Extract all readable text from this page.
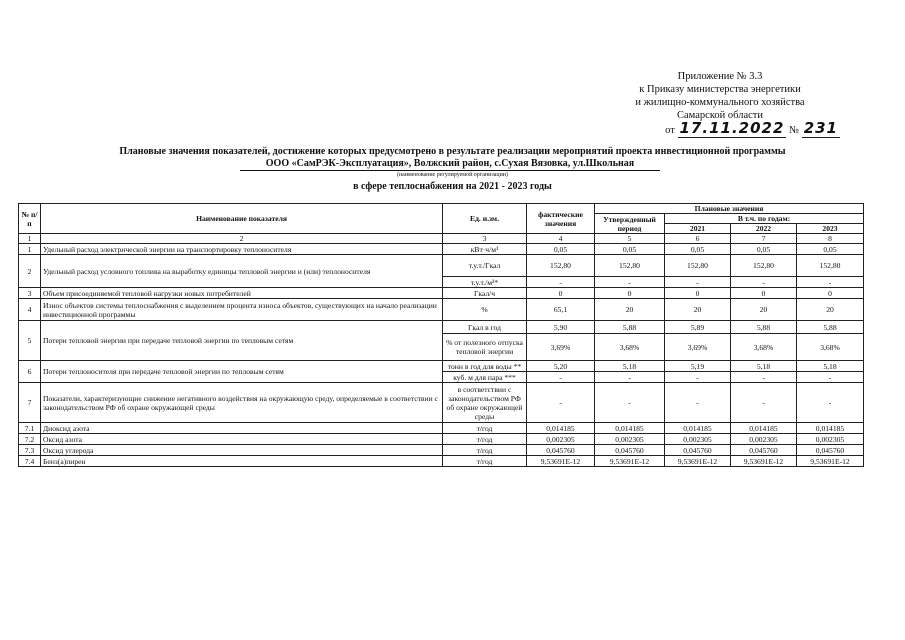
Приложение № 3.3
к Приказу министерства энергетики
и жилищно-коммунального хозяйства
Самарской области
от 17.11.2022 № 231
Плановые значения показателей, достижение которых предусмотрено в результате реализации мероприятий проекта инвестиционной программы
ООО «СамРЭК-Эксплуатация», Волжский район, с.Сухая Вязовка, ул.Школьная
(наименование регулируемой организации)
в сфере теплоснабжения на 2021 - 2023 годы
№ п/п	Наименование показателя	Ед. и.зм.	фактические значения	Плановые значения			
				Утвержденный период	В т.ч. по годам:		
					2021	2022	2023
1	2	3	4	5	6	7	8
1	Удельный расход электрической энергии на транспортировку теплоносителя	кВт·ч/м³	0,05	0,05	0,05	0,05	0,05
2	Удельный расход условного топлива на выработку единицы тепловой энергии и (или) теплоносителя	т.у.т./Гкал	152,80	152,80	152,80	152,80	152,80
		т.у.т./м³*	-	-	-	-	-
3	Объем присоединяемой тепловой нагрузки новых потребителей	Гкал/ч	0	0	0	0	0
4	Износ объектов системы теплоснабжения с выделением процента износа объектов, существующих на начало реализации инвестиционной программы	%	65,1	20	20	20	20
5	Потери тепловой энергии при передаче тепловой энергии по тепловым сетям	Гкал в год	5,90	5,88	5,89	5,88	5,88
		% от полезного отпуска тепловой энергии	3,69%	3,68%	3,69%	3,68%	3,68%
6	Потери теплоносителя при передаче тепловой энергии по тепловым сетям	тонн в год для воды **	5,20	5,18	5,19	5,18	5,18
		куб. м для пара ***	-	-	-	-	-
7	Показатели, характеризующие снижение негативного воздействия на окружающую среду, определяемые в соответствии с законодательством РФ об охране окружающей среды	в соответствии с законодательством РФ об охране окружающей среды	-	-	-	-	-
7.1	Диоксид азота	т/год	0,014185	0,014185	0,014185	0,014185	0,014185
7.2	Оксид азота	т/год	0,002305	0,002305	0,002305	0,002305	0,002305
7.3	Оксид углерода	т/год	0,045760	0,045760	0,045760	0,045760	0,045760
7.4	Бенз(а)пирен	т/год	9,53691E-12	9,53691E-12	9,53691E-12	9,53691E-12	9,53691E-12
